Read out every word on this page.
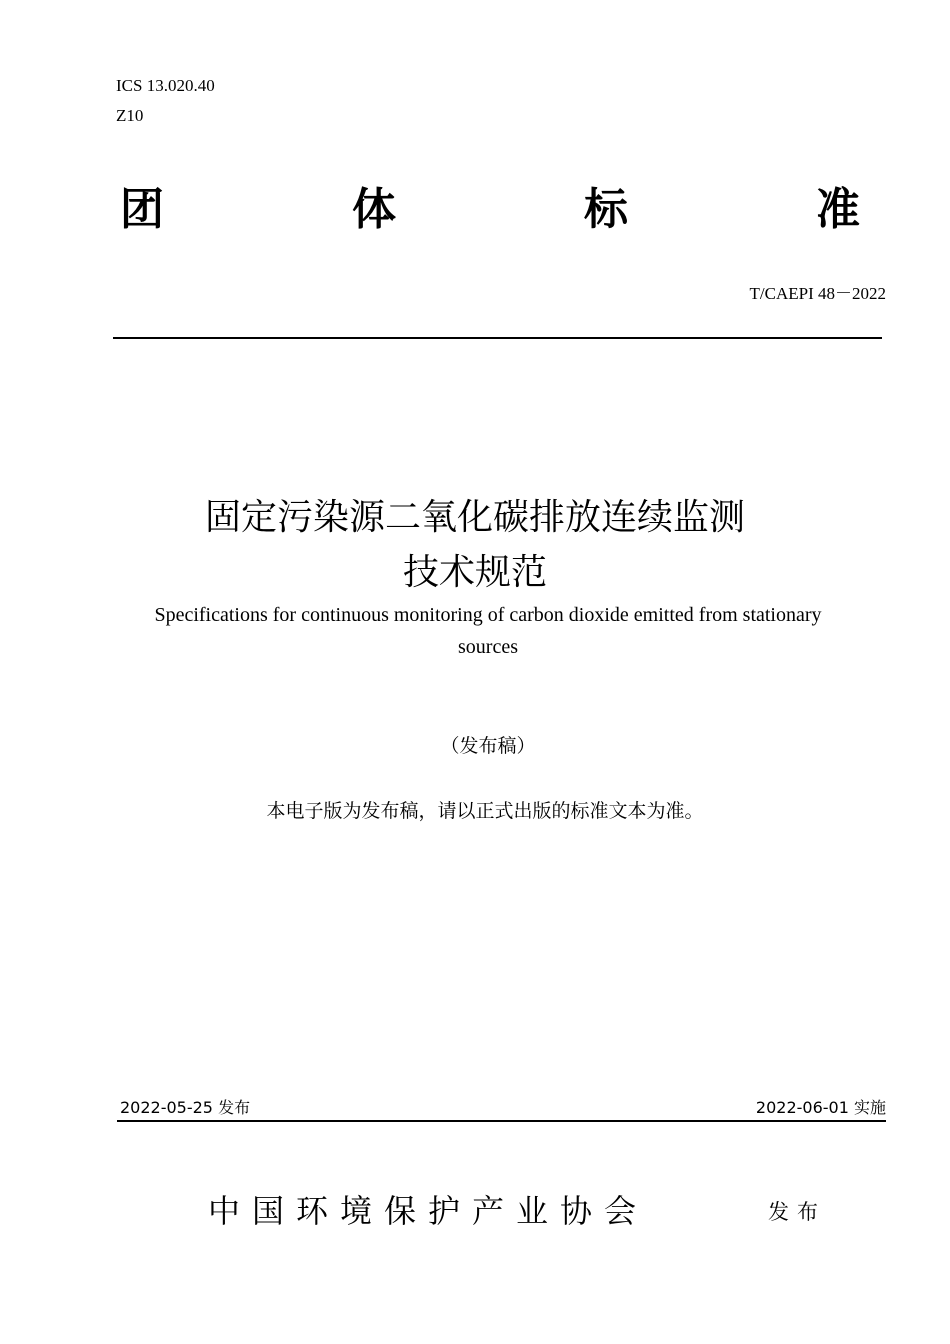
ICS 13.020.40
Z10
团	体	标	准
T/CAEPI 48－2022
固定污染源二氧化碳排放连续监测
技术规范
Specifications for continuous monitoring of carbon dioxide emitted from stationary
sources
（发布稿）
本电子版为发布稿，请以正式出版的标准文本为准。
2022-05-25 发布	2022-06-01 实施
中国环境保护产业协会	发布
